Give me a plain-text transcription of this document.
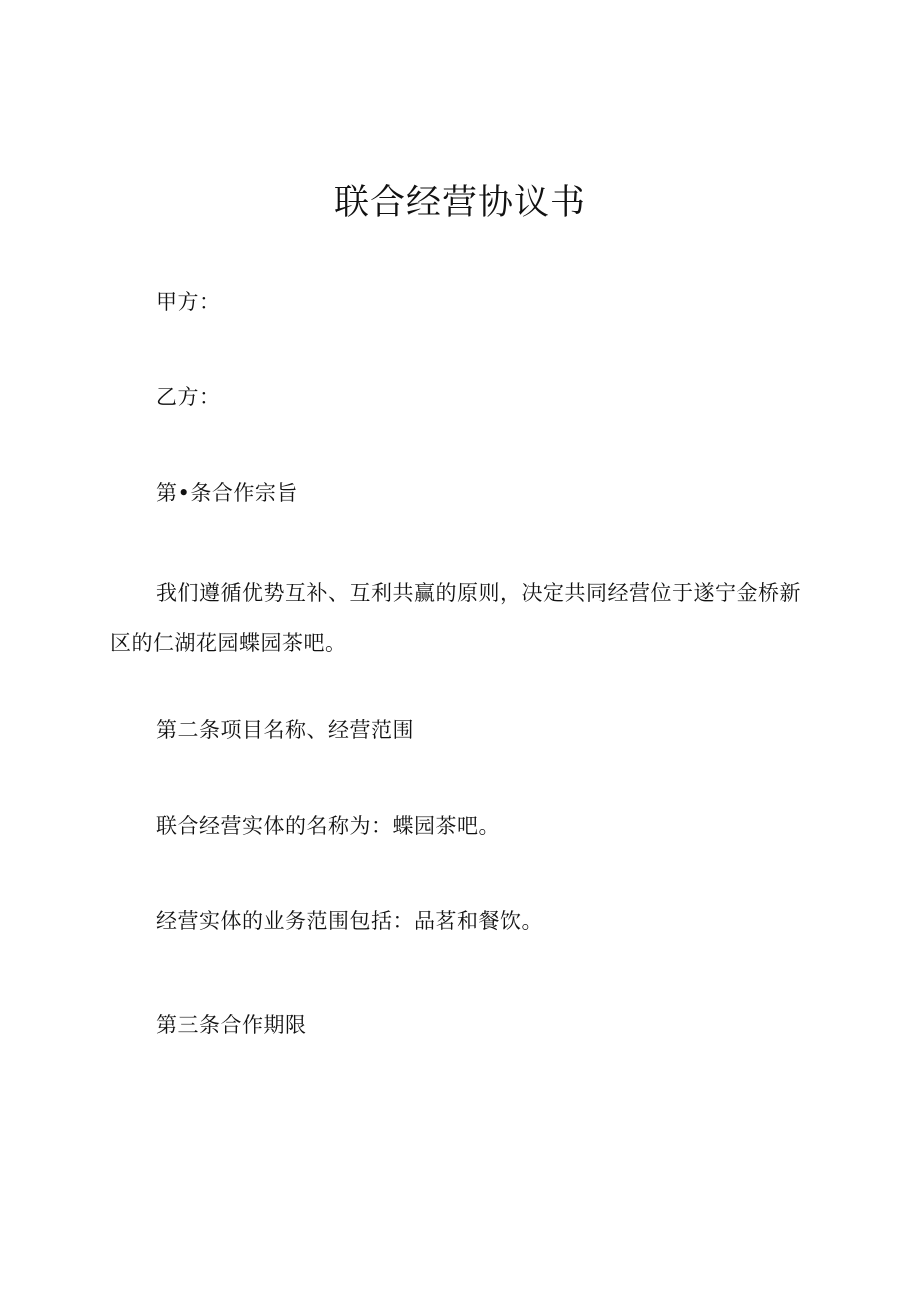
联合经营协议书

甲方：

乙方：

第•条合作宗旨

我们遵循优势互补、互利共赢的原则，决定共同经营位于遂宁金桥新区的仁湖花园蝶园茶吧。

第二条项目名称、经营范围

联合经营实体的名称为：蝶园茶吧。

经营实体的业务范围包括：品茗和餐饮。

第三条合作期限
